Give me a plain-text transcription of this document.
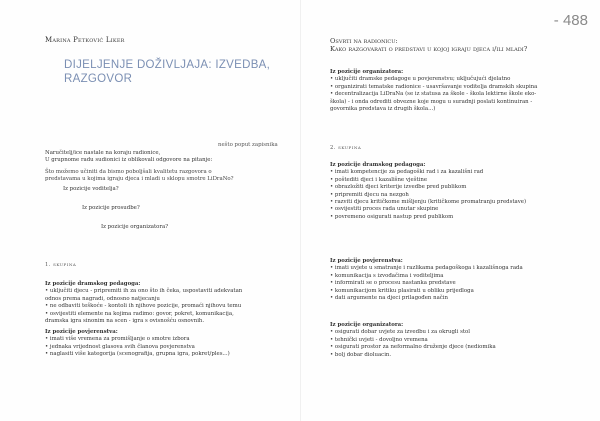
- 488
Marina Petković Liker
DIJELJENJE DOŽIVLJAJA: IZVEDBA,
RAZGOVOR
nešto poput zapisnika

Naručitelj/ice nastale na koraju radionice,

U grupnome radu sudionici iz oblikovali odgovore na pitanje:

Što možemo učiniti da bismo poboljšali kvalitetu razgovora o

predstavama u kojima igraju djeca i mladi u sklopu smotre LiDraNo?

Iz pozicije voditelja?
Iz pozicije prosudbe?
Iz pozicije organizatora?
1. skupina

Iz pozicije dramskog pedagoga:

• uključiti djecu - pripremiti ih za ono što ih čeka, uspostaviti adekvatan

odnos prema nagradi, odnosno natjecanju

• ne odbaviti teškoće - kontoli ih njihove pozicije, promaći njihovu temu

• osvijestiti elemente na kojima radimo: govor, pokret, komunikacija,

dramska igra sinonim na scen - igra s ovisnošću osnovnih.

Iz pozicije povjerenstva:

• imati više vremena za promišljanje o smotre izbora

• jednaka vrijednost glasova svih članova povjerenstva

• naglasiti više kategorija (scenografija, grupna igra, pokret/ples...)

Osvrti na radionicu:
Kako razgovarati o predstavi u kojoj igraju djeca i/ili mladi?

Iz pozicije organizatora:

• uključiti dramske pedagoge u povjerenstvu; uključujući djelatno

• organizirati tematske radionice - usavršavanje voditelja dramskih skupina

• decentralizacija LiDraNa (se iz statusa za škole - škola lektirne škole eko-

škola) - i onda odrediti obvezne koje mogu u suradnji poslati kontinuiran -

govornika predstava iz drugih škola...)

2. skupina

Iz pozicije dramskog pedagoga:

• imati kompetencije za pedagoški rad i za kazališni rad

• poštediti djeci i kazališne vještine

• obrazložiti djeci kriterije izvedbe pred publikom

• pripremiti djecu na nezgoh

• razviti djecu kritičkome mišljenju (kritičkome promatranju predstave)

• osvijestiti proces rada unutar skupine

• povremeno osigurati nastup pred publikom

Iz pozicije povjerenstva:

• imati uvjete u smatranje i razlikama pedagoškoga i kazališnoga rada

• komunikacija s izvođačima i voditeljima

• informirati se o procesu nastanka predstave

• komunikacijom kritiku plasirati u obliku prijedloga

• dati argumente na djeci prilagođen način

Iz pozicije organizatora:

• osigurati dobar uvjete za izvedbu i za okrugli stol

• tehnički uvjeti - dovoljno vremena

• osigurati prostor za neformalno druženje djece (nediomika

• bolj dobar dioluacin.
